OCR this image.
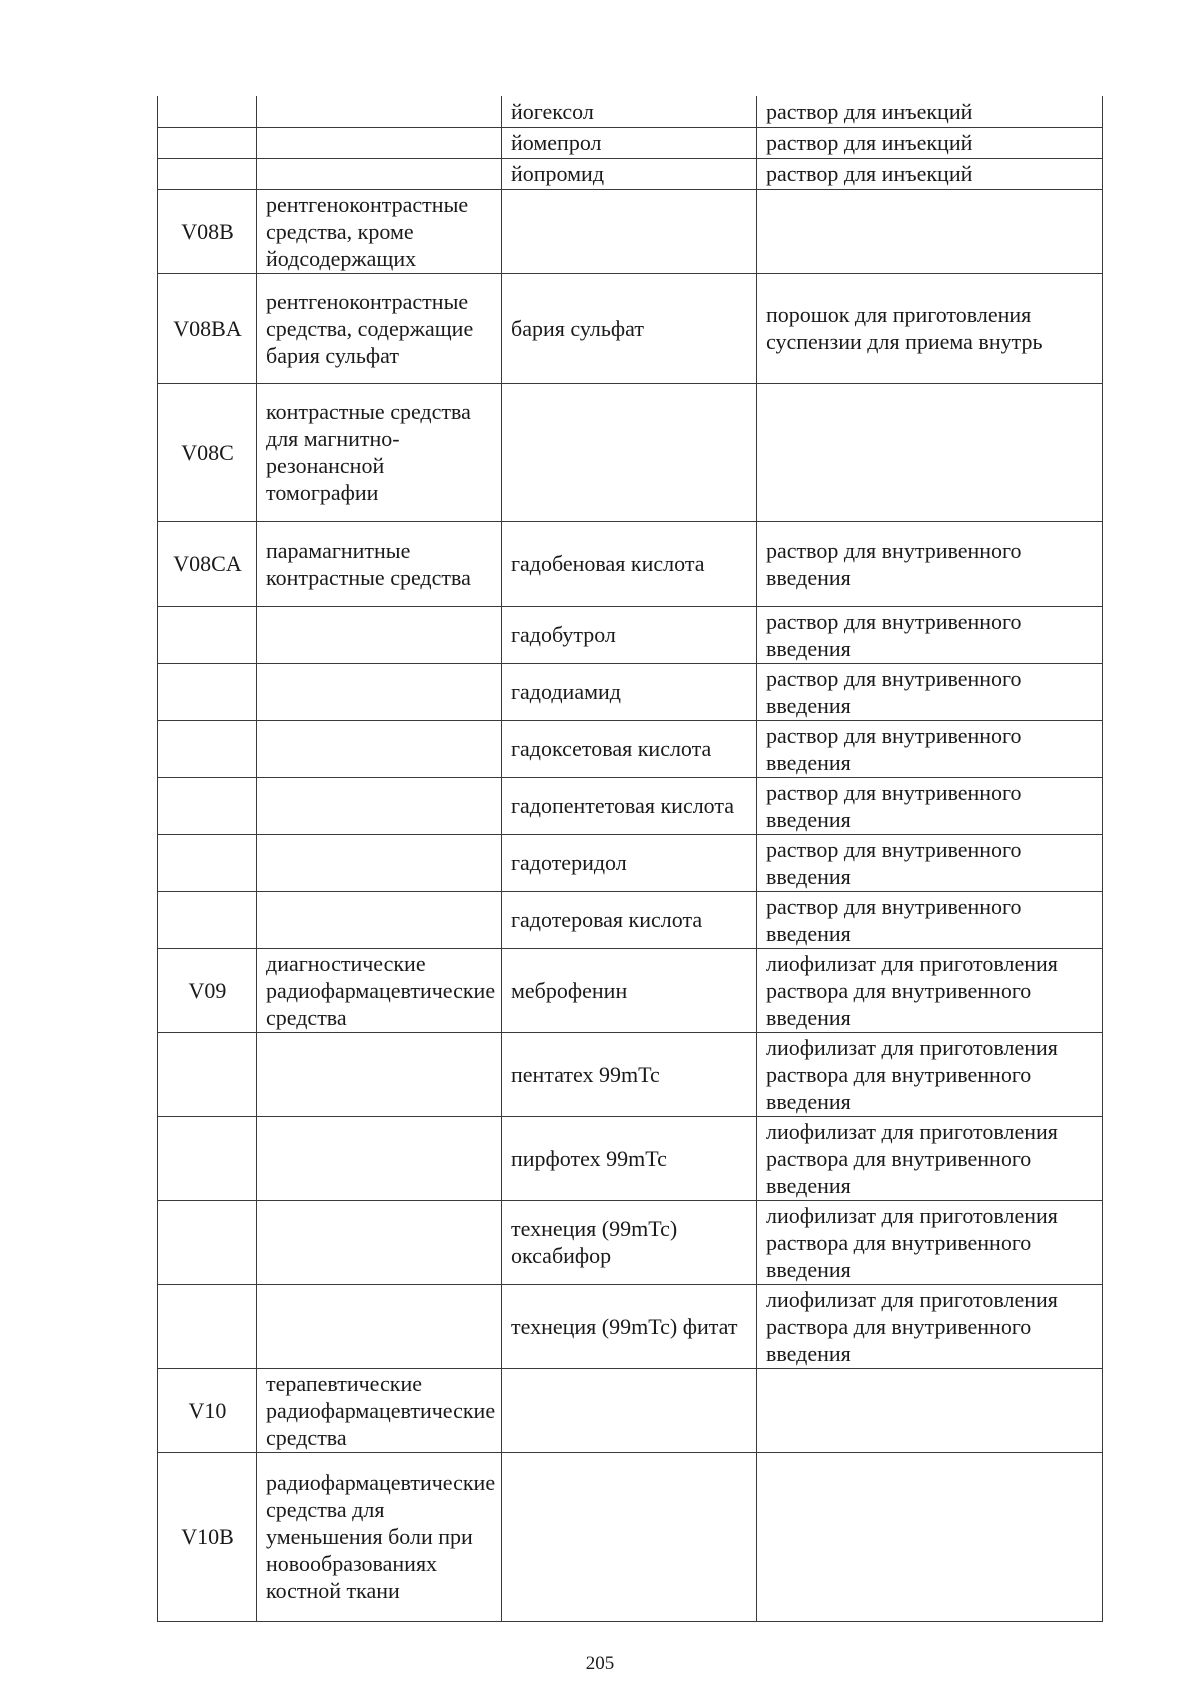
		йогексол	раствор для инъекций
		йомепрол	раствор для инъекций
		йопромид	раствор для инъекций
V08B	рентгеноконтрастные средства, кроме йодсодержащих		
V08BA	рентгеноконтрастные средства, содержащие бария сульфат	бария сульфат	порошок для приготовления суспензии для приема внутрь
V08C	контрастные средства для магнитно-резонансной томографии		
V08CA	парамагнитные контрастные средства	гадобеновая кислота	раствор для внутривенного введения
		гадобутрол	раствор для внутривенного введения
		гадодиамид	раствор для внутривенного введения
		гадоксетовая кислота	раствор для внутривенного введения
		гадопентетовая кислота	раствор для внутривенного введения
		гадотеридол	раствор для внутривенного введения
		гадотеровая кислота	раствор для внутривенного введения
V09	диагностические радиофармацевтические средства	меброфенин	лиофилизат для приготовления раствора для внутривенного введения
		пентатех 99mTc	лиофилизат для приготовления раствора для внутривенного введения
		пирфотех 99mTc	лиофилизат для приготовления раствора для внутривенного введения
		технеция (99mTc) оксабифор	лиофилизат для приготовления раствора для внутривенного введения
		технеция (99mTc) фитат	лиофилизат для приготовления раствора для внутривенного введения
V10	терапевтические радиофармацевтические средства		
V10B	радиофармацевтические средства для уменьшения боли при новообразованиях костной ткани		
205
